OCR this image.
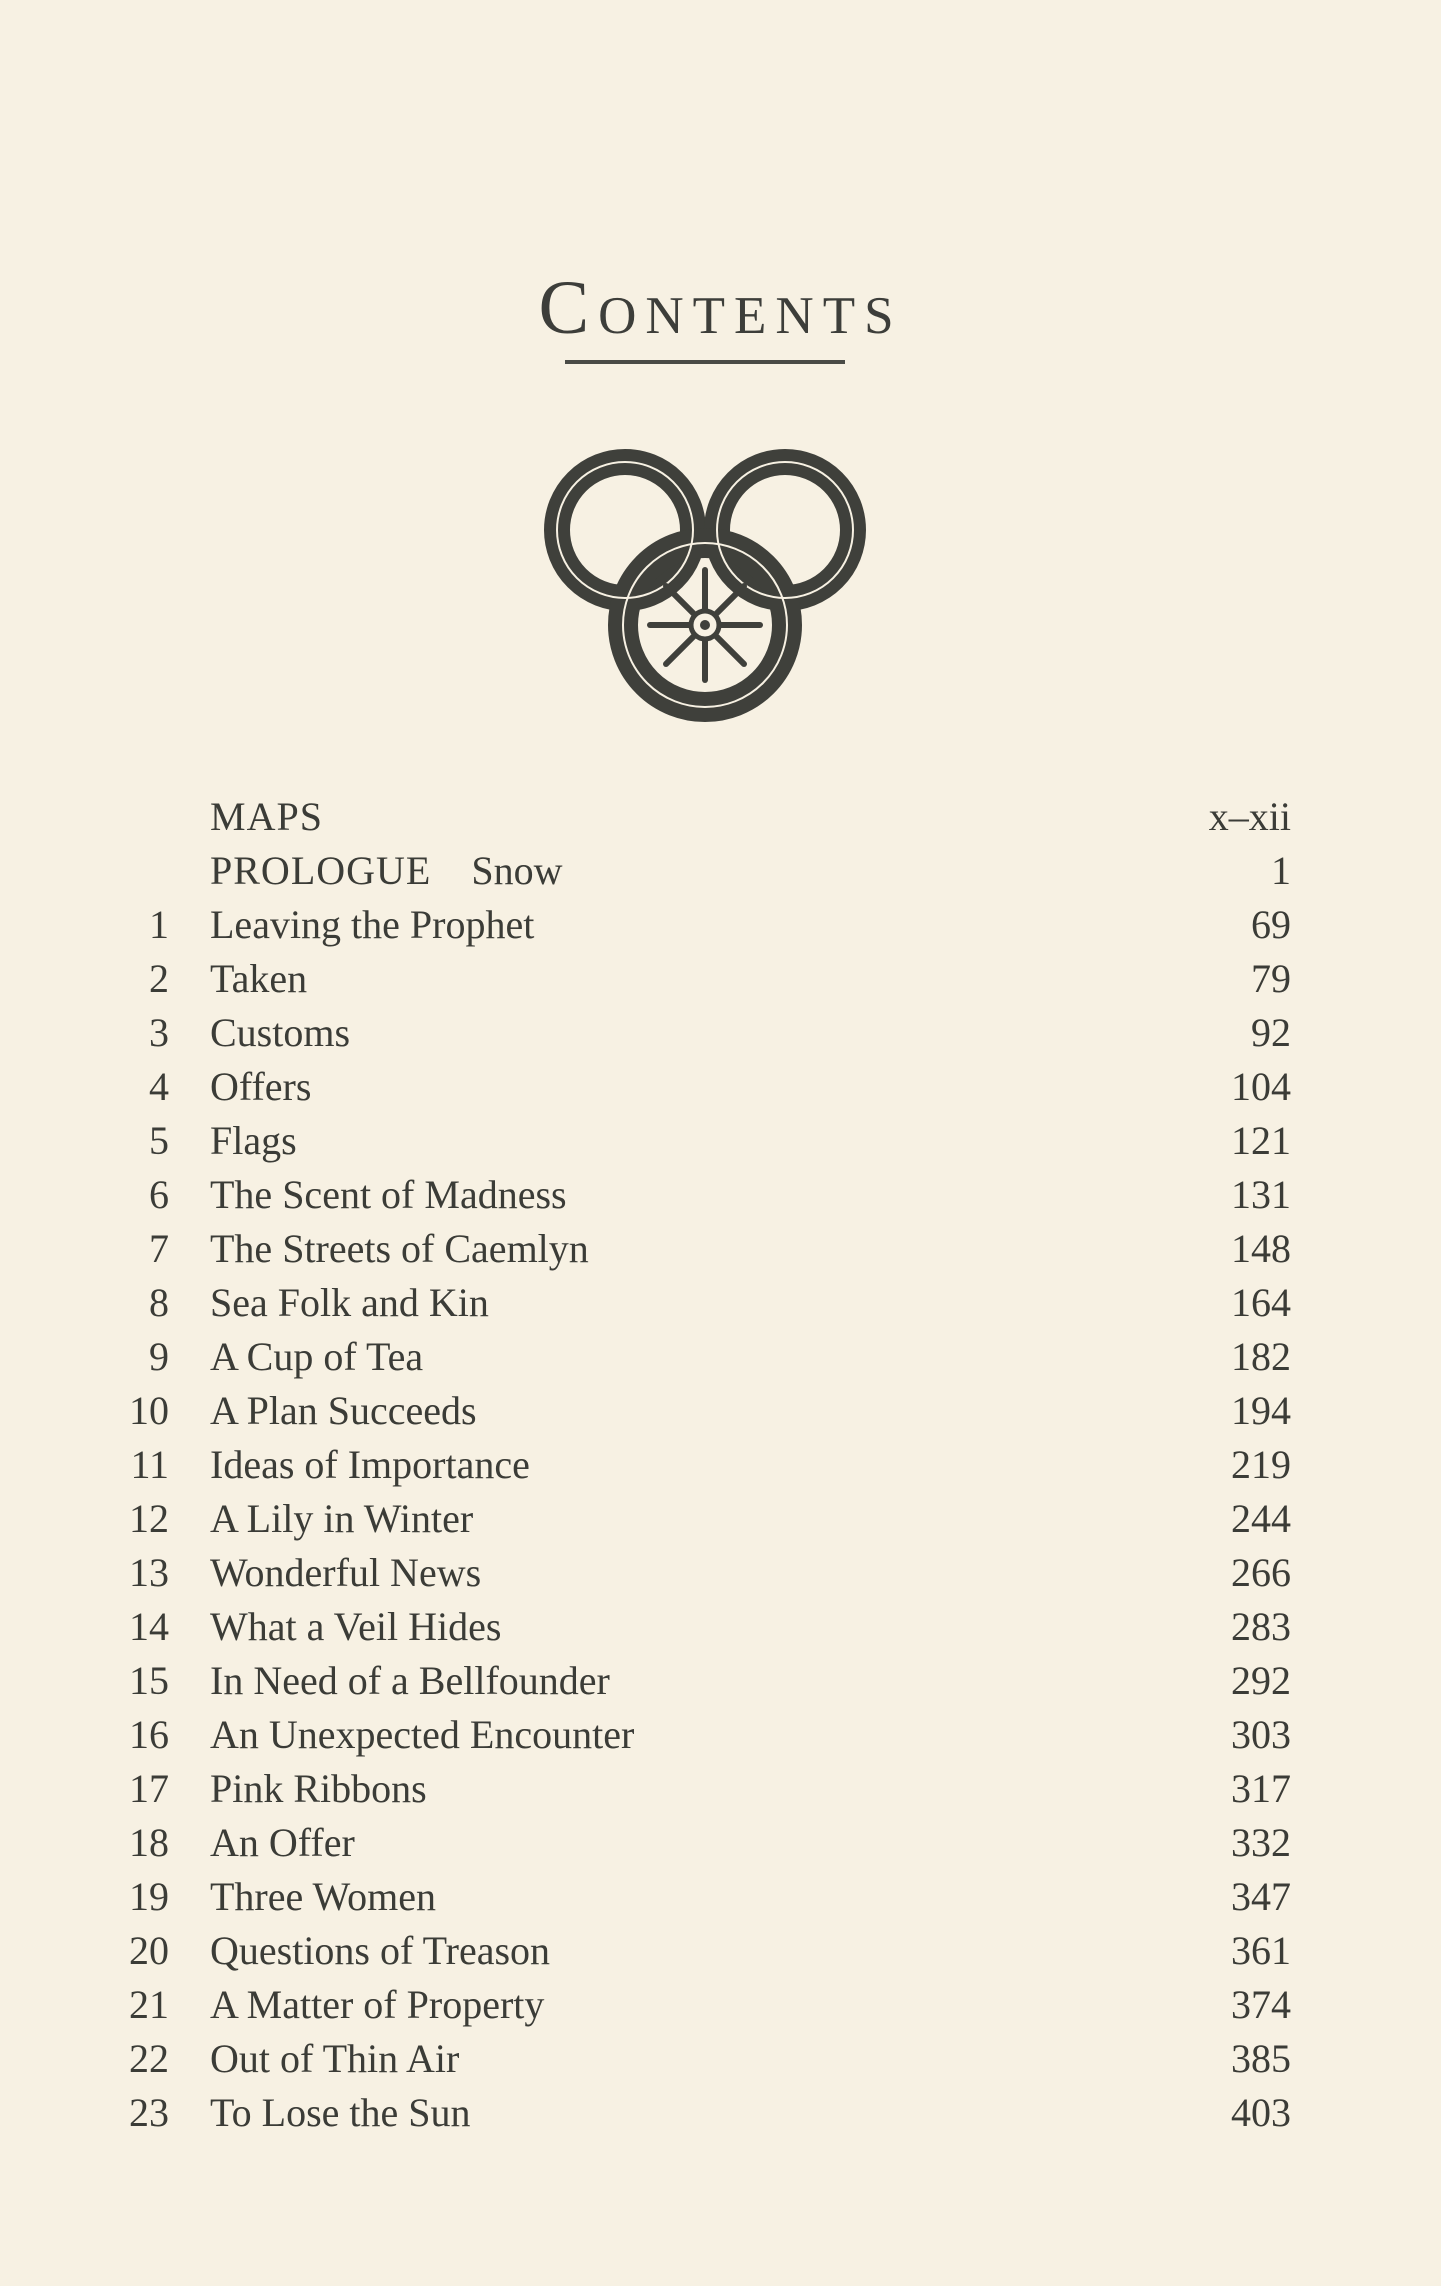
Contents
MAPS	x–xii
PROLOGUE Snow	1
1 Leaving the Prophet	69
2 Taken	79
3 Customs	92
4 Offers	104
5 Flags	121
6 The Scent of Madness	131
7 The Streets of Caemlyn	148
8 Sea Folk and Kin	164
9 A Cup of Tea	182
10 A Plan Succeeds	194
11 Ideas of Importance	219
12 A Lily in Winter	244
13 Wonderful News	266
14 What a Veil Hides	283
15 In Need of a Bellfounder	292
16 An Unexpected Encounter	303
17 Pink Ribbons	317
18 An Offer	332
19 Three Women	347
20 Questions of Treason	361
21 A Matter of Property	374
22 Out of Thin Air	385
23 To Lose the Sun	403
